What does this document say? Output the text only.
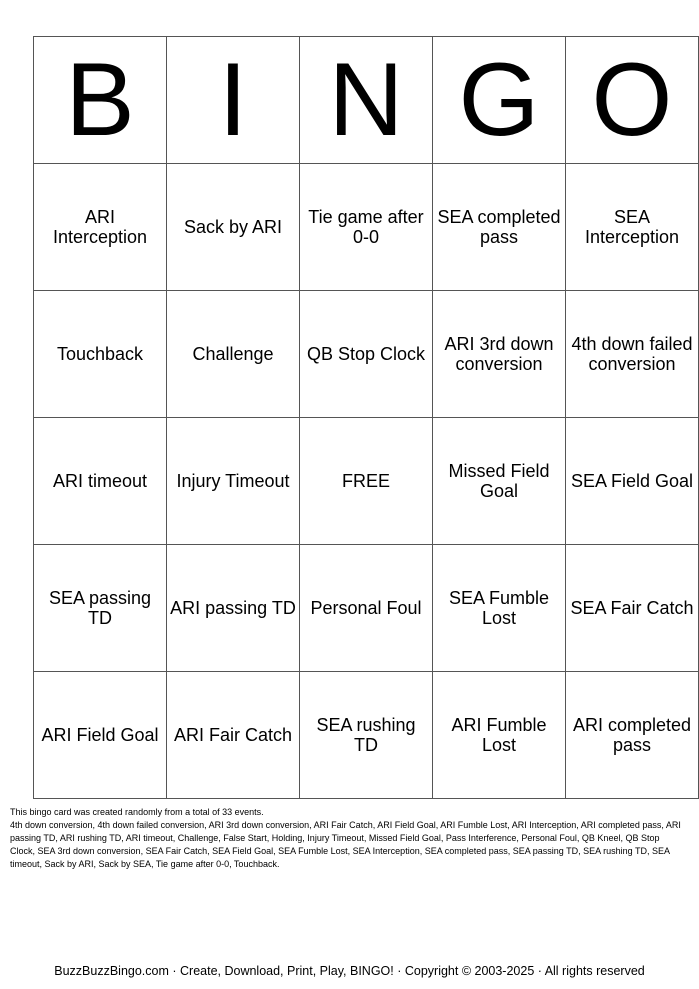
B	I	N	G	O
ARI Interception	Sack by ARI	Tie game after 0-0	SEA completed pass	SEA Interception
Touchback	Challenge	QB Stop Clock	ARI 3rd down conversion	4th down failed conversion
ARI timeout	Injury Timeout	FREE	Missed Field Goal	SEA Field Goal
SEA passing TD	ARI passing TD	Personal Foul	SEA Fumble Lost	SEA Fair Catch
ARI Field Goal	ARI Fair Catch	SEA rushing TD	ARI Fumble Lost	ARI completed pass

This bingo card was created randomly from a total of 33 events.

4th down conversion, 4th down failed conversion, ARI 3rd down conversion, ARI Fair Catch, ARI Field Goal, ARI Fumble Lost, ARI Interception, ARI completed pass, ARI passing TD, ARI rushing TD, ARI timeout, Challenge, False Start, Holding, Injury Timeout, Missed Field Goal, Pass Interference, Personal Foul, QB Kneel, QB Stop Clock, SEA 3rd down conversion, SEA Fair Catch, SEA Field Goal, SEA Fumble Lost, SEA Interception, SEA completed pass, SEA passing TD, SEA rushing TD, SEA timeout, Sack by ARI, Sack by SEA, Tie game after 0-0, Touchback.

BuzzBuzzBingo.com · Create, Download, Print, Play, BINGO! · Copyright © 2003-2025 · All rights reserved
